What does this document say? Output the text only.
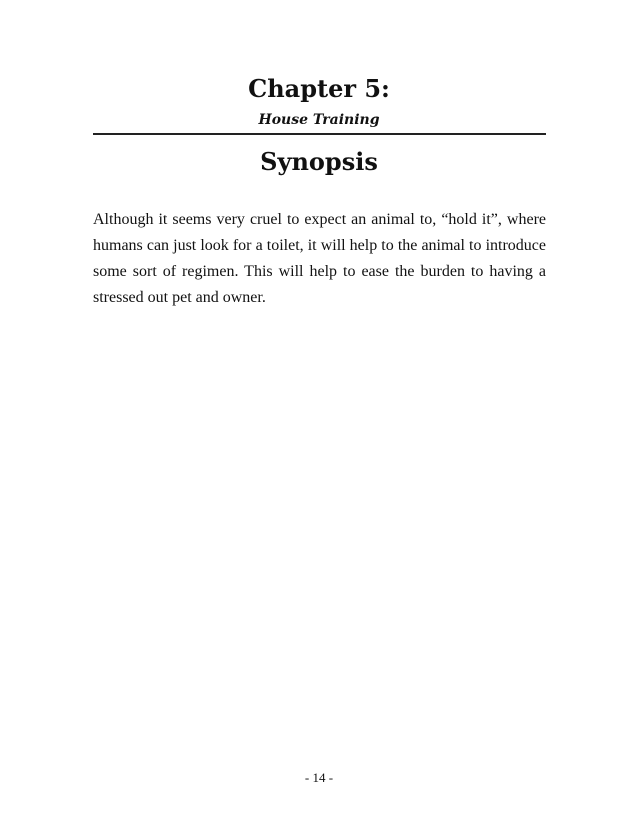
Chapter 5:
House Training
Synopsis

Although it seems very cruel to expect an animal to, “hold it”, where humans can just look for a toilet, it will help to the animal to introduce some sort of regimen. This will help to ease the burden to having a stressed out pet and owner.

- 14 -
